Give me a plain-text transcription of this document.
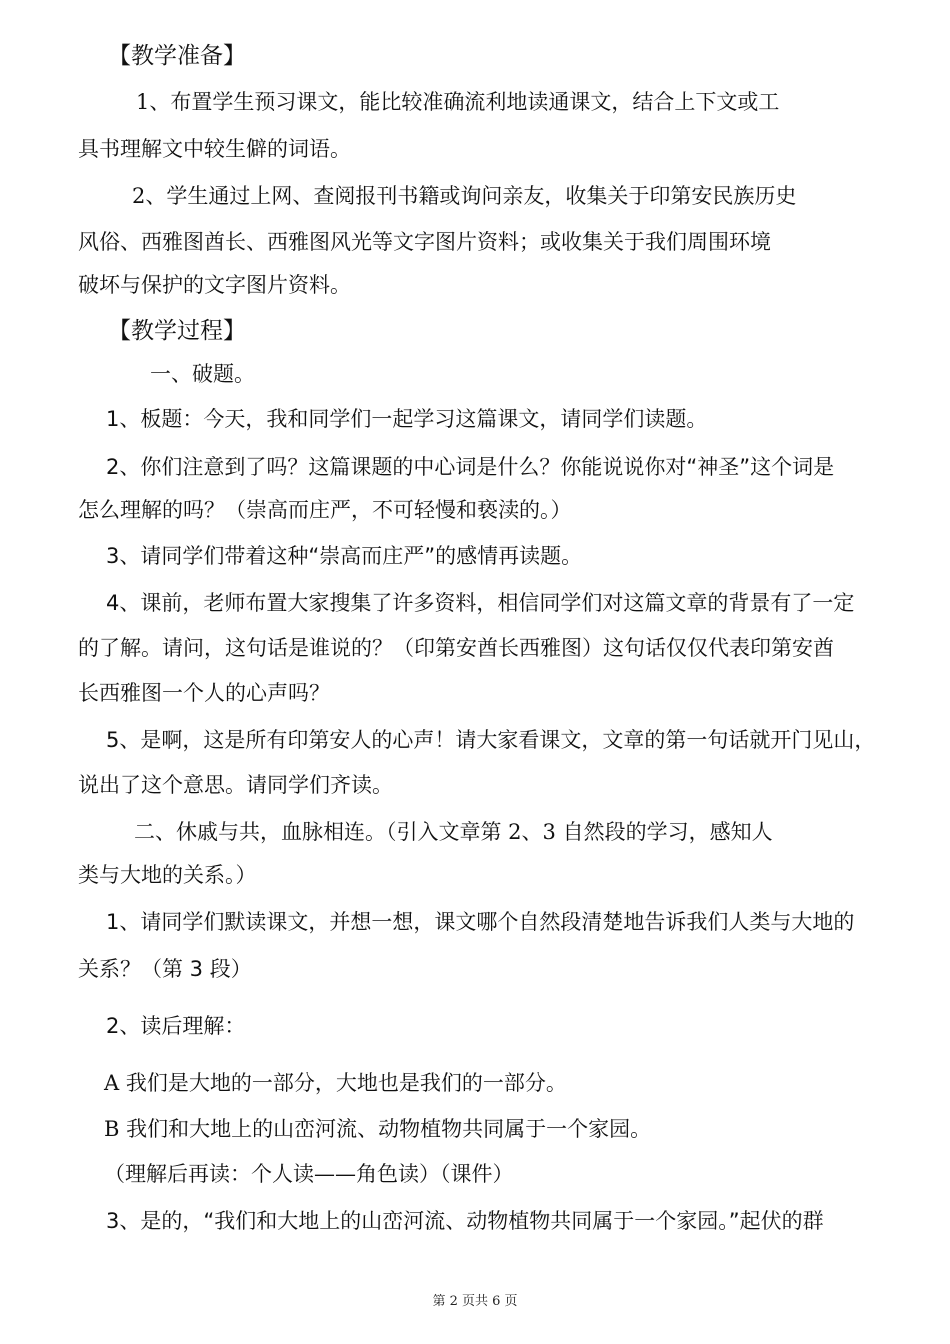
【教学准备】
1、布置学生预习课文，能比较准确流利地读通课文，结合上下文或工
具书理解文中较生僻的词语。
2、学生通过上网、查阅报刊书籍或询问亲友，收集关于印第安民族历史
风俗、西雅图酋长、西雅图风光等文字图片资料；或收集关于我们周围环境
破坏与保护的文字图片资料。
【教学过程】
一、破题。
1、板题：今天，我和同学们一起学习这篇课文，请同学们读题。
2、你们注意到了吗？这篇课题的中心词是什么？你能说说你对“神圣”这个词是
怎么理解的吗？（崇高而庄严，不可轻慢和亵渎的。）
3、请同学们带着这种“崇高而庄严”的感情再读题。
4、课前，老师布置大家搜集了许多资料，相信同学们对这篇文章的背景有了一定
的了解。请问，这句话是谁说的？（印第安酋长西雅图）这句话仅仅代表印第安酋
长西雅图一个人的心声吗？
5、是啊，这是所有印第安人的心声！请大家看课文，文章的第一句话就开门见山，
说出了这个意思。请同学们齐读。
二、休戚与共，血脉相连。（引入文章第 2、3 自然段的学习，感知人
类与大地的关系。）
1、请同学们默读课文，并想一想，课文哪个自然段清楚地告诉我们人类与大地的
关系？（第 3 段）
2、读后理解：
A 我们是大地的一部分，大地也是我们的一部分。
B 我们和大地上的山峦河流、动物植物共同属于一个家园。
（理解后再读：个人读——角色读）（课件）
3、是的，“我们和大地上的山峦河流、动物植物共同属于一个家园。”起伏的群
第 2 页共 6 页
